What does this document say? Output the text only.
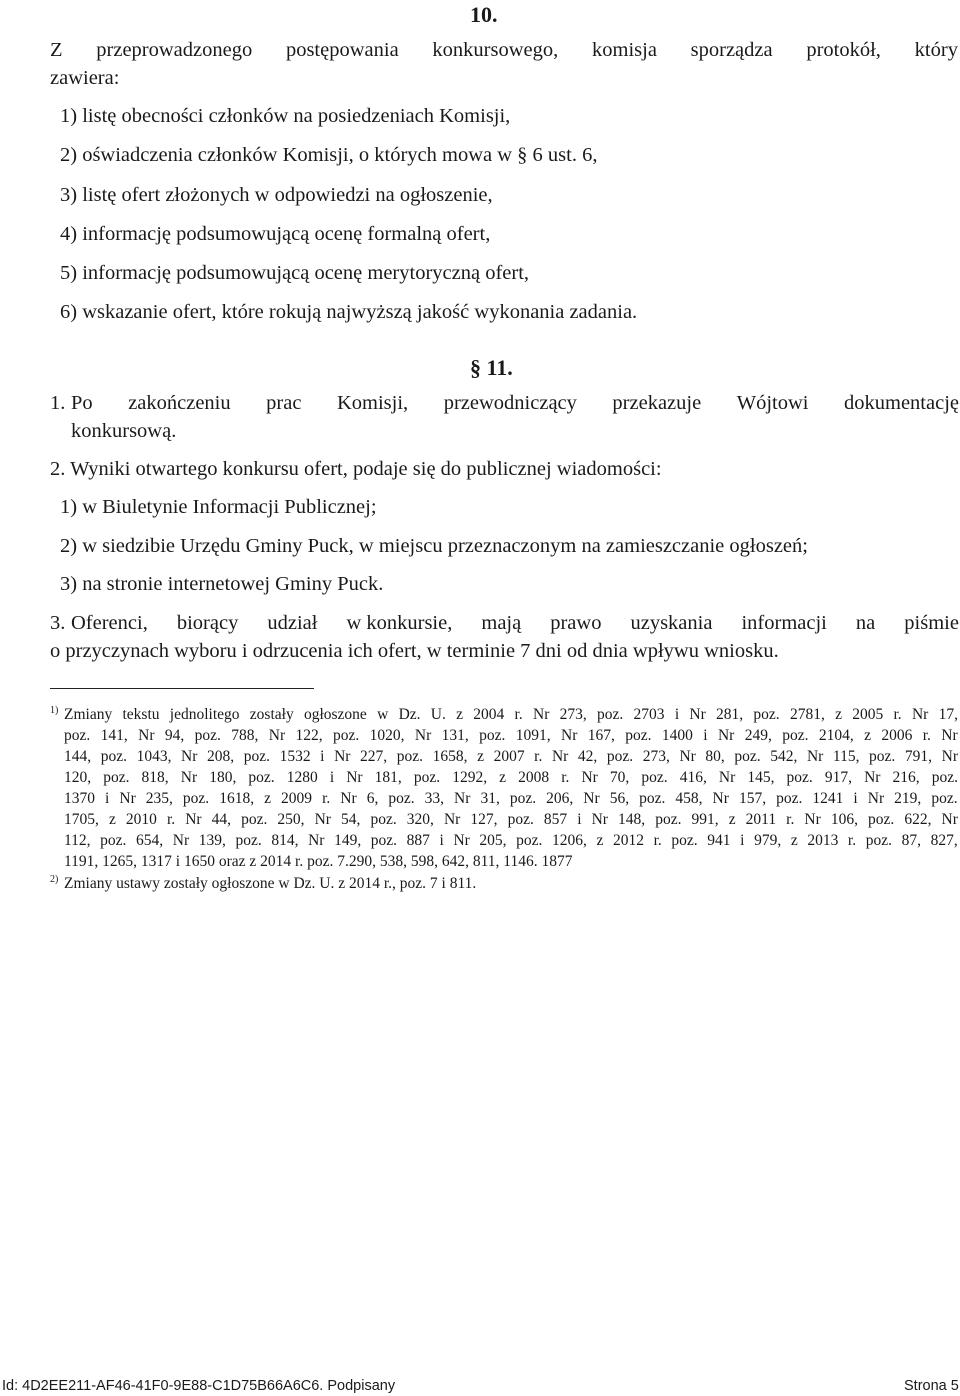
10.
Z przeprowadzonego postępowania konkursowego, komisja sporządza protokół, który
zawiera:
1) listę obecności członków na posiedzeniach Komisji,
2) oświadczenia członków Komisji, o których mowa w § 6 ust. 6,
3) listę ofert złożonych w odpowiedzi na ogłoszenie,
4) informację podsumowującą ocenę formalną ofert,
5) informację podsumowującą ocenę merytoryczną ofert,
6) wskazanie ofert, które rokują najwyższą jakość wykonania zadania.
§ 11.
1. Po zakończeniu prac Komisji, przewodniczący przekazuje Wójtowi dokumentację
konkursową.
2. Wyniki otwartego konkursu ofert, podaje się do publicznej wiadomości:
1) w Biuletynie Informacji Publicznej;
2) w siedzibie Urzędu Gminy Puck, w miejscu przeznaczonym na zamieszczanie ogłoszeń;
3) na stronie internetowej Gminy Puck.
3. Oferenci, biorący udział w konkursie, mają prawo uzyskania informacji na piśmie
o przyczynach wyboru i odrzucenia ich ofert, w terminie 7 dni od dnia wpływu wniosku.
$^{1)}$ Zmiany tekstu jednolitego zostały ogłoszone w Dz. U. z 2004 r. Nr 273, poz. 2703 i Nr 281, poz. 2781, z 2005 r. Nr 17,
poz. 141, Nr 94, poz. 788, Nr 122, poz. 1020, Nr 131, poz. 1091, Nr 167, poz. 1400 i Nr 249, poz. 2104, z 2006 r. Nr
144, poz. 1043, Nr 208, poz. 1532 i Nr 227, poz. 1658, z 2007 r. Nr 42, poz. 273, Nr 80, poz. 542, Nr 115, poz. 791, Nr
120, poz. 818, Nr 180, poz. 1280 i Nr 181, poz. 1292, z 2008 r. Nr 70, poz. 416, Nr 145, poz. 917, Nr 216, poz.
1370 i Nr 235, poz. 1618, z 2009 r. Nr 6, poz. 33, Nr 31, poz. 206, Nr 56, poz. 458, Nr 157, poz. 1241 i Nr 219, poz.
1705, z 2010 r. Nr 44, poz. 250, Nr 54, poz. 320, Nr 127, poz. 857 i Nr 148, poz. 991, z 2011 r. Nr 106, poz. 622, Nr
112, poz. 654, Nr 139, poz. 814, Nr 149, poz. 887 i Nr 205, poz. 1206, z 2012 r. poz. 941 i 979, z 2013 r. poz. 87, 827,
1191, 1265, 1317 i 1650 oraz z 2014 r. poz. 7.290, 538, 598, 642, 811, 1146. 1877
$^{2)}$ Zmiany ustawy zostały ogłoszone w Dz. U. z 2014 r., poz. 7 i 811.
Id: 4D2EE211-AF46-41F0-9E88-C1D75B66A6C6. Podpisany	Strona 5
